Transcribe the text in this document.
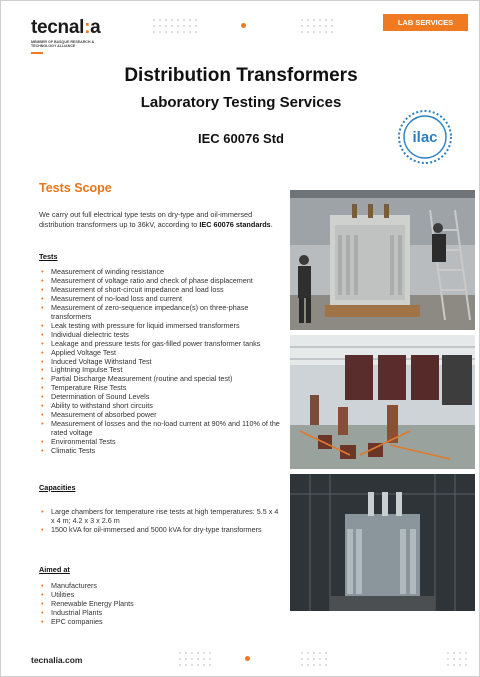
tecnal:a
MEMBER OF BASQUE RESEARCH & TECHNOLOGY ALLIANCE
LAB SERVICES
Distribution Transformers
Laboratory Testing Services
IEC 60076 Std	ilac
Tests Scope
We carry out full electrical type tests on dry-type and oil-immersed distribution transformers up to 36kV, according to IEC 60076 standards.
Tests
• Measurement of winding resistance
• Measurement of voltage ratio and check of phase displacement
• Measurement of short-circuit impedance and load loss
• Measurement of no-load loss and current
• Measurement of zero-sequence impedance(s) on three-phase transformers
• Leak testing with pressure for liquid immersed transformers
• Individual dielectric tests
• Leakage and pressure tests for gas-filled power transformer tanks
• Applied Voltage Test
• Induced Voltage Withstand Test
• Lightning Impulse Test
• Partial Discharge Measurement (routine and special test)
• Temperature Rise Tests
• Determination of Sound Levels
• Ability to withstand short circuits
• Measurement of absorbed power
• Measurement of losses and the no-load current at 90% and 110% of the rated voltage
• Environmental Tests
• Climatic Tests
Capacities
• Large chambers for temperature rise tests at high temperatures: 5.5 x 4 x 4 m; 4.2 x 3 x 2.6 m
• 1500 kVA for oil-immersed and 5000 kVA for dry-type transformers
Aimed at
• Manufacturers
• Utilities
• Renewable Energy Plants
• Industrial Plants
• EPC companies
tecnalia.com
